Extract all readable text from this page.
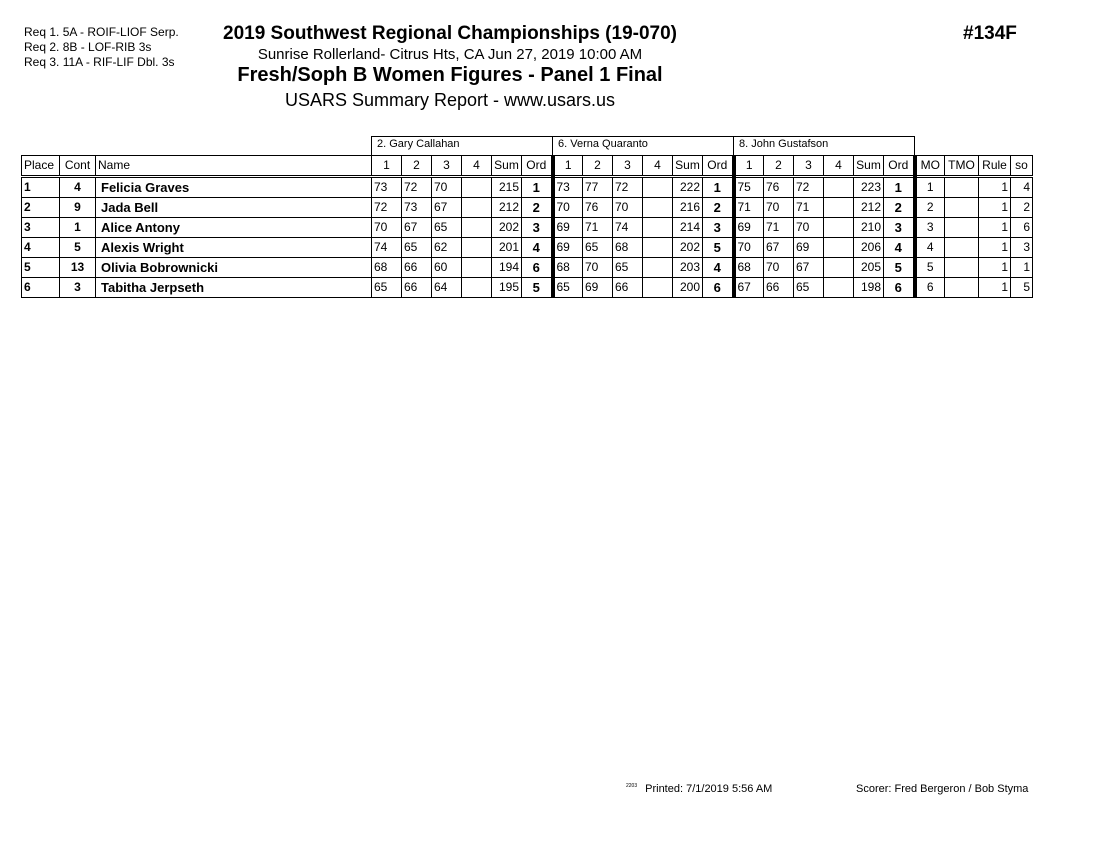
Req 1. 5A - ROIF-LIOF Serp.
Req 2. 8B - LOF-RIB 3s
Req 3. 11A - RIF-LIF Dbl. 3s
2019 Southwest Regional Championships (19-070)
Sunrise Rollerland- Citrus Hts, CA Jun 27, 2019 10:00 AM
Fresh/Soph B Women Figures - Panel 1 Final
USARS Summary Report - www.usars.us
#134F
			2. Gary Callahan						6. Verna Quaranto						8. John Gustafson									
Place	Cont	Name	1	2	3	4	Sum	Ord	1	2	3	4	Sum	Ord	1	2	3	4	Sum	Ord	MO	TMO	Rule	so
1	4	Felicia Graves	73	72	70		215	1	73	77	72		222	1	75	76	72		223	1	1		1	4
2	9	Jada Bell	72	73	67		212	2	70	76	70		216	2	71	70	71		212	2	2		1	2
3	1	Alice Antony	70	67	65		202	3	69	71	74		214	3	69	71	70		210	3	3		1	6
4	5	Alexis Wright	74	65	62		201	4	69	65	68		202	5	70	67	69		206	4	4		1	3
5	13	Olivia Bobrownicki	68	66	60		194	6	68	70	65		203	4	68	70	67		205	5	5		1	1
6	3	Tabitha Jerpseth	65	66	64		195	5	65	69	66		200	6	67	66	65		198	6	6		1	5
$^{2203}$ Printed: 7/1/2019 5:56 AM	Scorer: Fred Bergeron / Bob Styma
